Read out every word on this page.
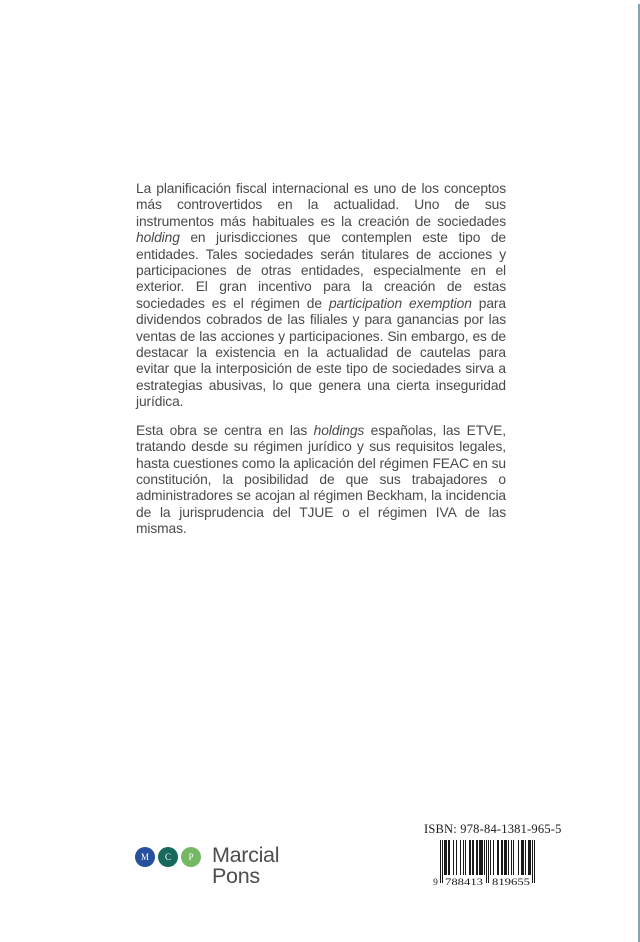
La planificación fiscal internacional es uno de los conceptos más controvertidos en la actualidad. Uno de sus instrumentos más habituales es la creación de sociedades holding en jurisdicciones que contemplen este tipo de entidades. Tales sociedades serán titulares de acciones y participaciones de otras entidades, especialmente en el exterior. El gran incentivo para la creación de estas sociedades es el régimen de participation exemption para dividendos cobrados de las filiales y para ganancias por las ventas de las acciones y participaciones. Sin embargo, es de destacar la existencia en la actualidad de cautelas para evitar que la interposición de este tipo de sociedades sirva a estrategias abusivas, lo que genera una cierta inseguridad jurídica.

Esta obra se centra en las holdings españolas, las ETVE, tratando desde su régimen jurídico y sus requisitos legales, hasta cuestiones como la aplicación del régimen FEAC en su constitución, la posibilidad de que sus trabajadores o administradores se acojan al régimen Beckham, la incidencia de la jurisprudencia del TJUE o el régimen IVA de las mismas.

M	C	P Marcial
Pons
ISBN: 978-84-1381-965-5
9 788413 819655
